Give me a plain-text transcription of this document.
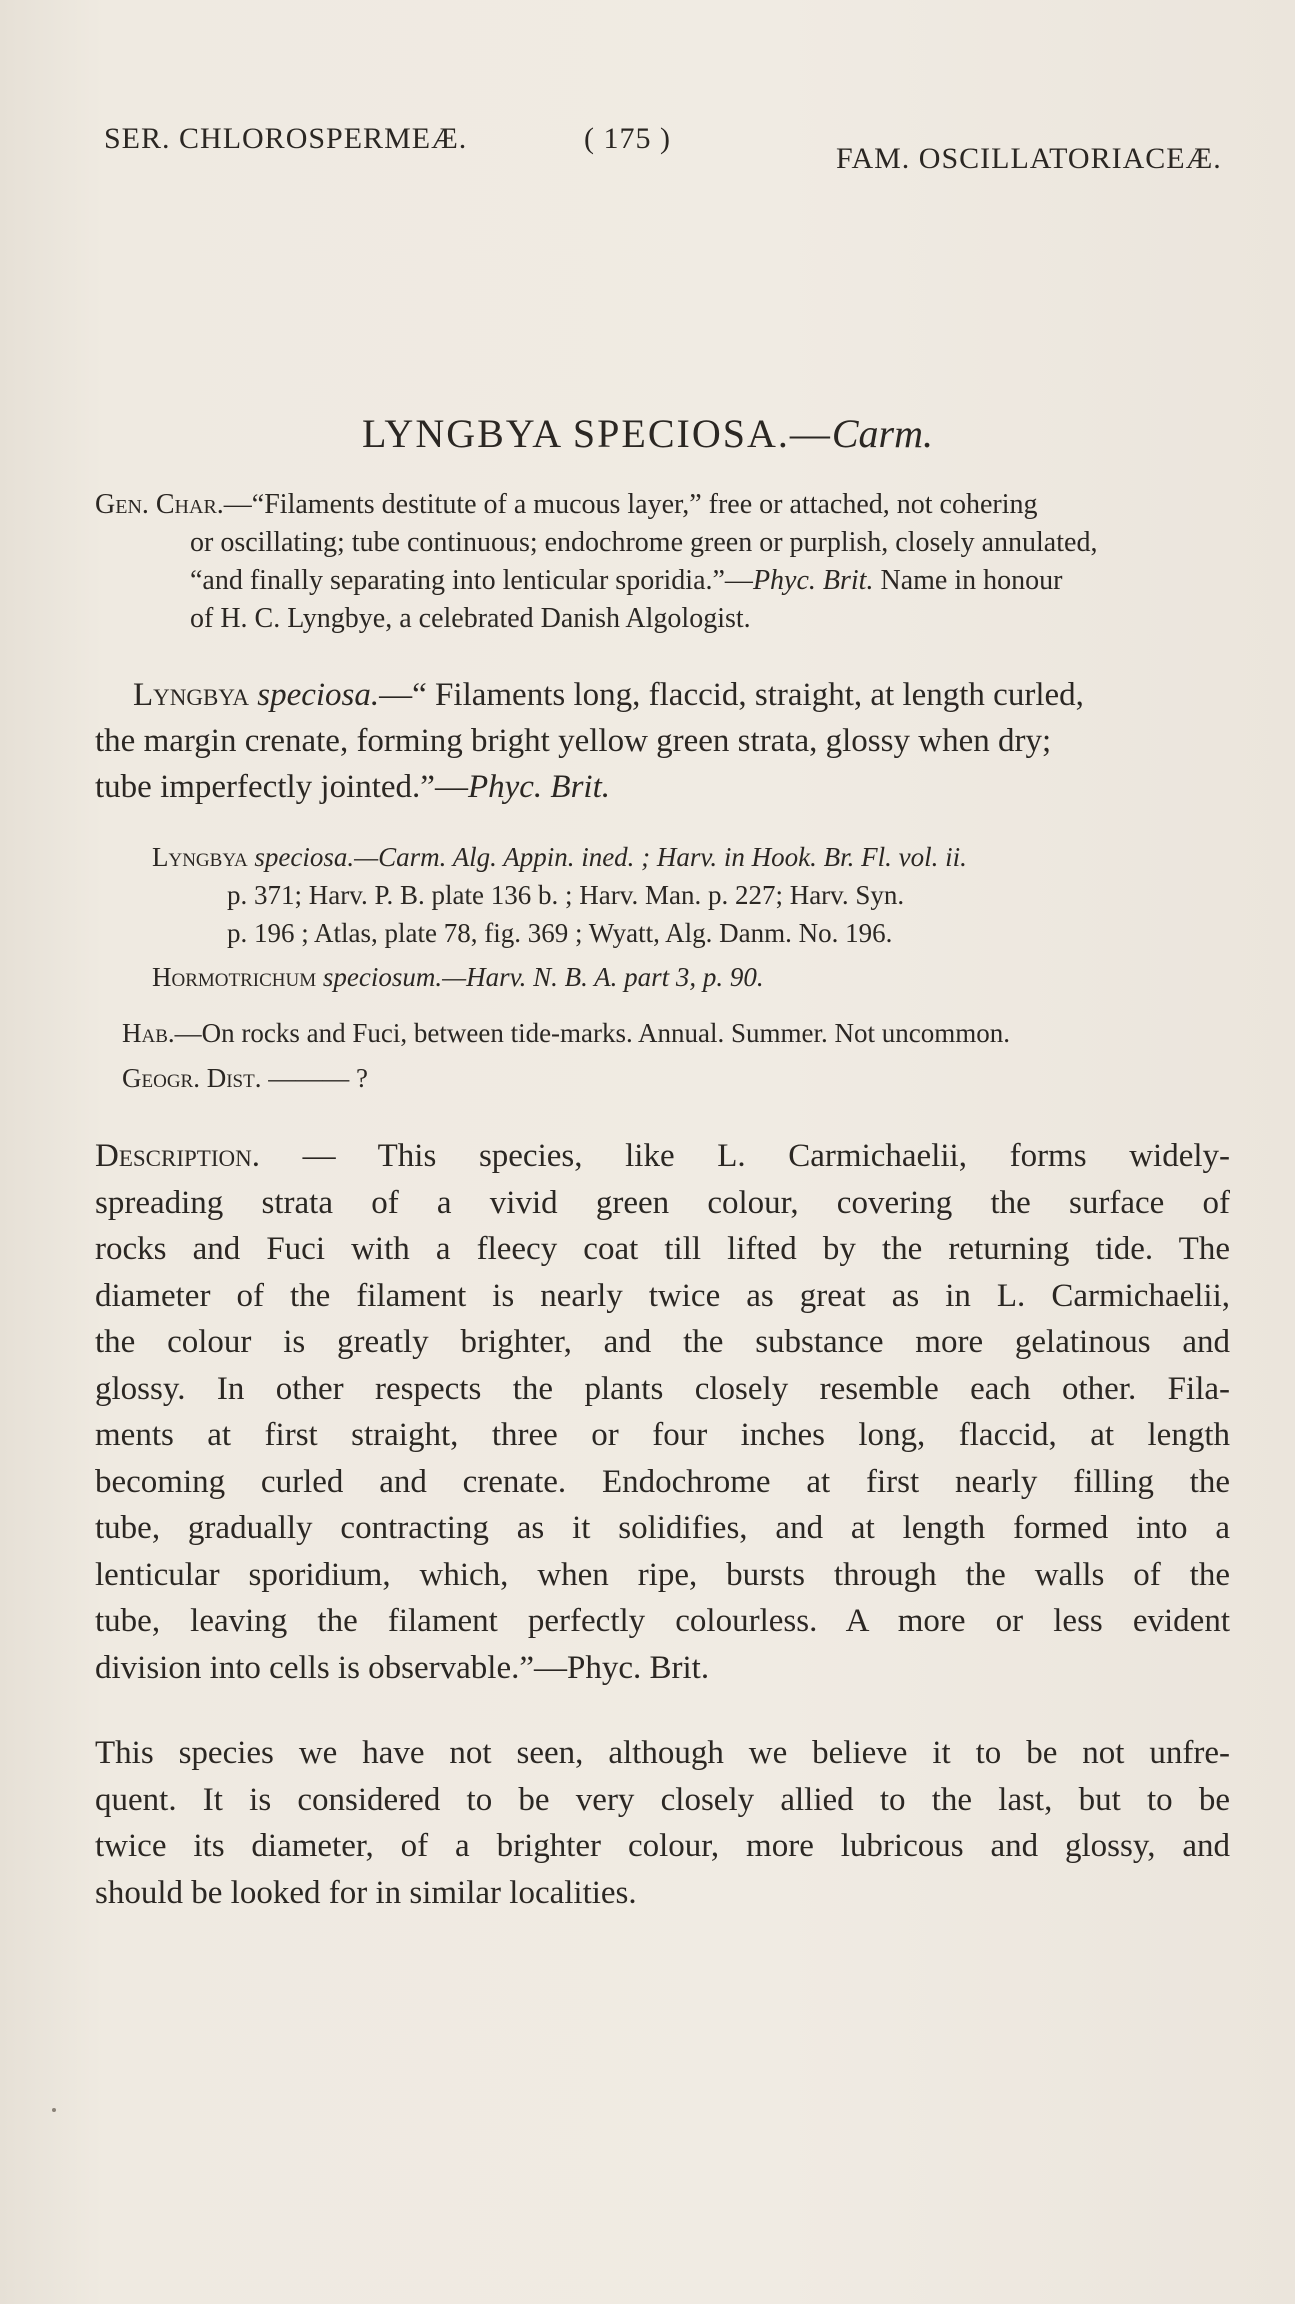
SER. CHLOROSPERMEÆ.	( 175 )
FAM. OSCILLATORIACEÆ.
LYNGBYA SPECIOSA.—Carm.
Gen. Char.—“Filaments destitute of a mucous layer,” free or attached, not cohering
or oscillating; tube continuous; endochrome green or purplish, closely annulated,
“and finally separating into lenticular sporidia.”—Phyc. Brit. Name in honour
of H. C. Lyngbye, a celebrated Danish Algologist.
Lyngbya speciosa.—“ Filaments long, flaccid, straight, at length curled,
the margin crenate, forming bright yellow green strata, glossy when dry;
tube imperfectly jointed.”—Phyc. Brit.
Lyngbya speciosa.—Carm. Alg. Appin. ined. ; Harv. in Hook. Br. Fl. vol. ii.
p. 371; Harv. P. B. plate 136 b. ; Harv. Man. p. 227; Harv. Syn.
p. 196 ; Atlas, plate 78, fig. 369 ; Wyatt, Alg. Danm. No. 196.
Hormotrichum speciosum.—Harv. N. B. A. part 3, p. 90.
Hab.—On rocks and Fuci, between tide-marks. Annual. Summer. Not uncommon.
Geogr. Dist. ——— ?
Description. — This species, like L. Carmichaelii, forms widely-
spreading strata of a vivid green colour, covering the surface of
rocks and Fuci with a fleecy coat till lifted by the returning tide. The
diameter of the filament is nearly twice as great as in L. Carmichaelii,
the colour is greatly brighter, and the substance more gelatinous and
glossy. In other respects the plants closely resemble each other. Fila-
ments at first straight, three or four inches long, flaccid, at length
becoming curled and crenate. Endochrome at first nearly filling the
tube, gradually contracting as it solidifies, and at length formed into a
lenticular sporidium, which, when ripe, bursts through the walls of the
tube, leaving the filament perfectly colourless. A more or less evident
division into cells is observable.”—Phyc. Brit.
This species we have not seen, although we believe it to be not unfre-
quent. It is considered to be very closely allied to the last, but to be
twice its diameter, of a brighter colour, more lubricous and glossy, and
should be looked for in similar localities.
